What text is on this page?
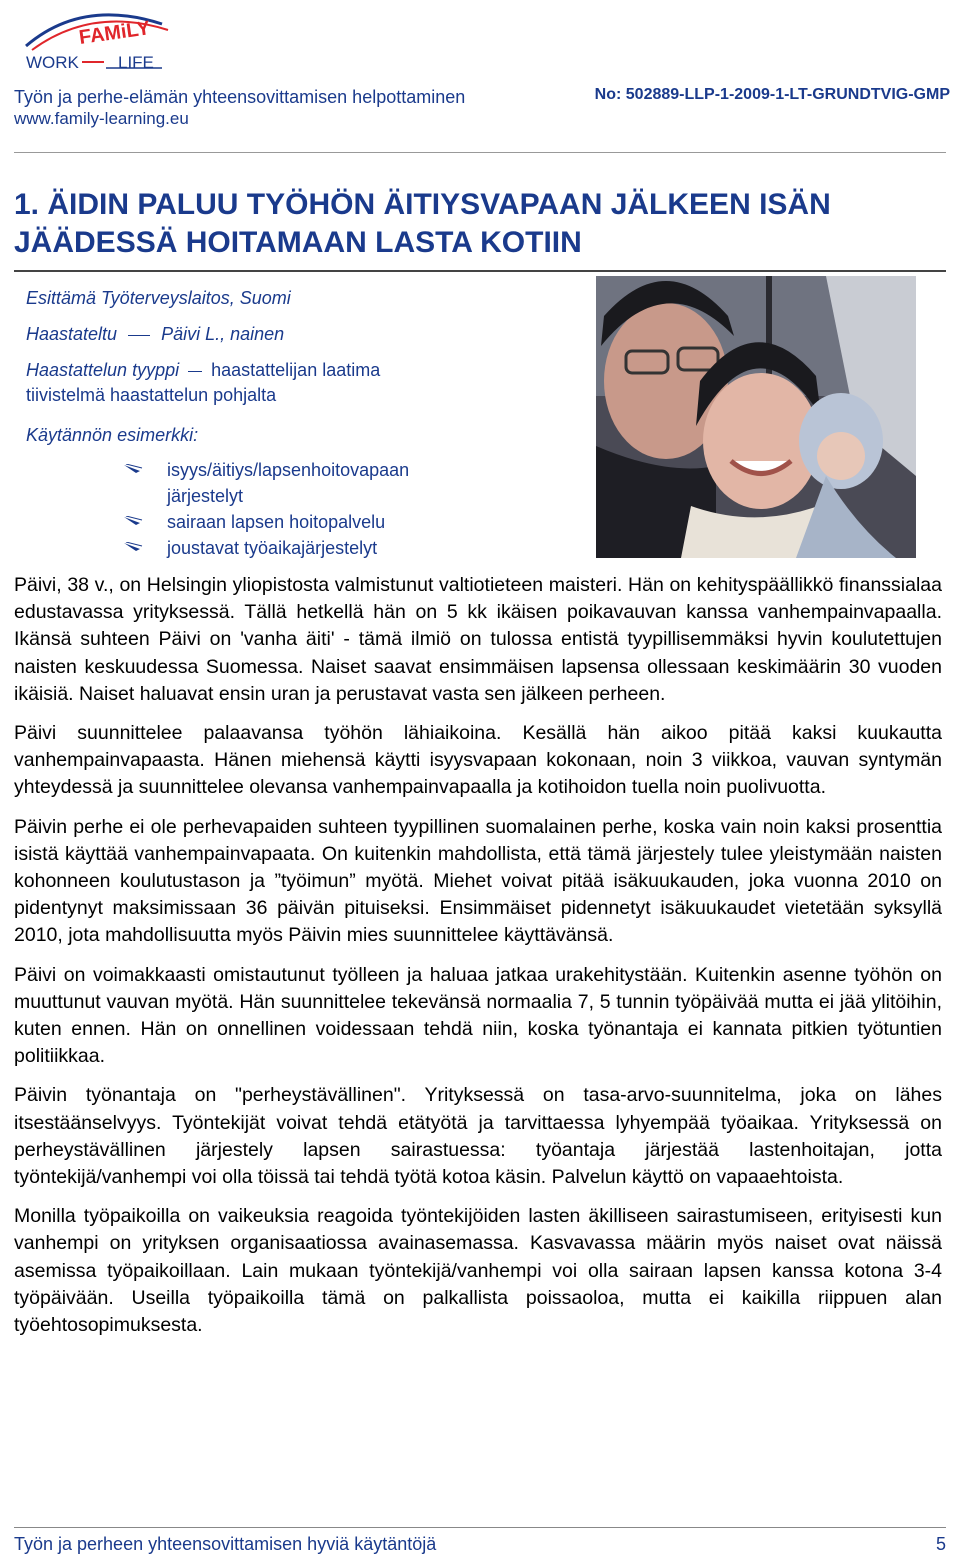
FAMiLY
WORK LIFE
Työn ja perhe-elämän yhteensovittamisen helpottaminen
www.family-learning.eu
No: 502889-LLP-1-2009-1-LT-GRUNDTVIG-GMP
1. ÄIDIN PALUU TYÖHÖN ÄITIYSVAPAAN JÄLKEEN ISÄN JÄÄDESSÄ HOITAMAAN LASTA KOTIIN
Esittämä Työterveyslaitos, Suomi
Haastateltu Päivi L., nainen
Haastattelun tyyppi haastattelijan laatima
tiivistelmä haastattelun pohjalta
Käytännön esimerkki:
isyys/äitiys/lapsenhoitovapaan järjestelyt
sairaan lapsen hoitopalvelu
joustavat työaikajärjestelyt

Päivi, 38 v., on Helsingin yliopistosta valmistunut valtiotieteen maisteri. Hän on kehityspäällikkö finanssialaa edustavassa yrityksessä. Tällä hetkellä hän on 5 kk ikäisen poikavauvan kanssa vanhempainvapaalla. Ikänsä suhteen Päivi on 'vanha äiti' - tämä ilmiö on tulossa entistä tyypillisemmäksi hyvin koulutettujen naisten keskuudessa Suomessa. Naiset saavat ensimmäisen lapsensa ollessaan keskimäärin 30 vuoden ikäisiä. Naiset haluavat ensin uran ja perustavat vasta sen jälkeen perheen.

Päivi suunnittelee palaavansa työhön lähiaikoina. Kesällä hän aikoo pitää kaksi kuukautta vanhempainvapaasta. Hänen miehensä käytti isyysvapaan kokonaan, noin 3 viikkoa, vauvan syntymän yhteydessä ja suunnittelee olevansa vanhempainvapaalla ja kotihoidon tuella noin puolivuotta.

Päivin perhe ei ole perhevapaiden suhteen tyypillinen suomalainen perhe, koska vain noin kaksi prosenttia isistä käyttää vanhempainvapaata. On kuitenkin mahdollista, että tämä järjestely tulee yleistymään naisten kohonneen koulutustason ja ”työimun” myötä. Miehet voivat pitää isäkuukauden, joka vuonna 2010 on pidentynyt maksimissaan 36 päivän pituiseksi. Ensimmäiset pidennetyt isäkuukaudet vietetään syksyllä 2010, jota mahdollisuutta myös Päivin mies suunnittelee käyttävänsä.

Päivi on voimakkaasti omistautunut työlleen ja haluaa jatkaa urakehitystään. Kuitenkin asenne työhön on muuttunut vauvan myötä. Hän suunnittelee tekevänsä normaalia 7, 5 tunnin työpäivää mutta ei jää ylitöihin, kuten ennen. Hän on onnellinen voidessaan tehdä niin, koska työnantaja ei kannata pitkien työtuntien politiikkaa.

Päivin työnantaja on "perheystävällinen". Yrityksessä on tasa-arvo-suunnitelma, joka on lähes itsestäänselvyys. Työntekijät voivat tehdä etätyötä ja tarvittaessa lyhyempää työaikaa. Yrityksessä on perheystävällinen järjestely lapsen sairastuessa: työantaja järjestää lastenhoitajan, jotta työntekijä/vanhempi voi olla töissä tai tehdä työtä kotoa käsin. Palvelun käyttö on vapaaehtoista.

Monilla työpaikoilla on vaikeuksia reagoida työntekijöiden lasten äkilliseen sairastumiseen, erityisesti kun vanhempi on yrityksen organisaatiossa avainasemassa. Kasvavassa määrin myös naiset ovat näissä asemissa työpaikoillaan. Lain mukaan työntekijä/vanhempi voi olla sairaan lapsen kanssa kotona 3-4 työpäivään. Useilla työpaikoilla tämä on palkallista poissaoloa, mutta ei kaikilla riippuen alan työehtosopimuksesta.

Työn ja perheen yhteensovittamisen hyviä käytäntöjä	5
